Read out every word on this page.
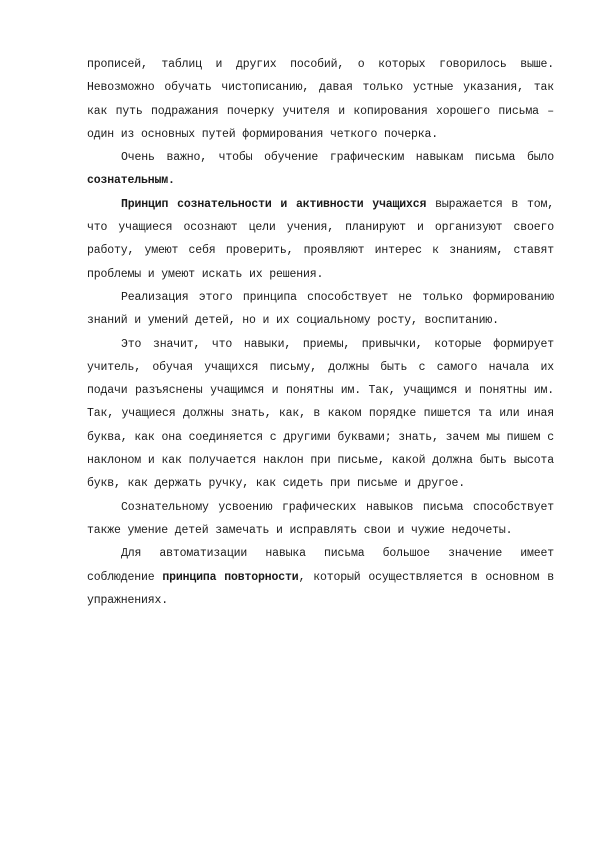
прописей, таблиц и других пособий, о которых говорилось выше. Невозможно обучать чистописанию, давая только устные указания, так как путь подражания почерку учителя и копирования хорошего письма – один из основных путей формирования четкого почерка.

Очень важно, чтобы обучение графическим навыкам письма было сознательным.

Принцип сознательности и активности учащихся выражается в том, что учащиеся осознают цели учения, планируют и организуют своего работу, умеют себя проверить, проявляют интерес к знаниям, ставят проблемы и умеют искать их решения.

Реализация этого принципа способствует не только формированию знаний и умений детей, но и их социальному росту, воспитанию.

Это значит, что навыки, приемы, привычки, которые формирует учитель, обучая учащихся письму, должны быть с самого начала их подачи разъяснены учащимся и понятны им. Так, учащимся и понятны им. Так, учащиеся должны знать, как, в каком порядке пишется та или иная буква, как она соединяется с другими буквами; знать, зачем мы пишем с наклоном и как получается наклон при письме, какой должна быть высота букв, как держать ручку, как сидеть при письме и другое.

Сознательному усвоению графических навыков письма способствует также умение детей замечать и исправлять свои и чужие недочеты.

Для автоматизации навыка письма большое значение имеет соблюдение принципа повторности, который осуществляется в основном в упражнениях.
